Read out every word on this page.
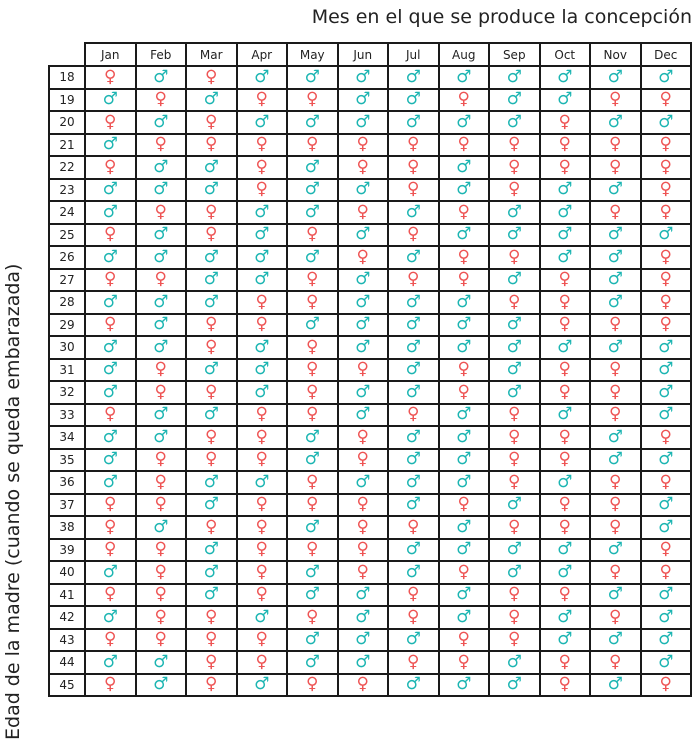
Mes en el que se produce la concepción
Edad de la madre (cuando se queda embarazada)
	Jan	Feb	Mar	Apr	May	Jun	Jul	Aug	Sep	Oct	Nov	Dec
18	♀	♂	♀	♂	♂	♂	♂	♂	♂	♂	♂	♂
19	♂	♀	♂	♀	♀	♂	♂	♀	♂	♂	♀	♀
20	♀	♂	♀	♂	♂	♂	♂	♂	♂	♀	♂	♂
21	♂	♀	♀	♀	♀	♀	♀	♀	♀	♀	♀	♀
22	♀	♂	♂	♀	♂	♀	♀	♂	♀	♀	♀	♀
23	♂	♂	♂	♀	♂	♂	♀	♂	♀	♂	♂	♀
24	♂	♀	♀	♂	♂	♀	♂	♀	♂	♂	♀	♀
25	♀	♂	♀	♂	♀	♂	♀	♂	♂	♂	♂	♂
26	♂	♂	♂	♂	♂	♀	♂	♀	♀	♂	♂	♀
27	♀	♀	♂	♂	♀	♂	♀	♀	♂	♀	♂	♀
28	♂	♂	♂	♀	♀	♂	♂	♂	♀	♀	♂	♀
29	♀	♂	♀	♀	♂	♂	♂	♂	♂	♀	♀	♀
30	♂	♂	♀	♂	♀	♂	♂	♂	♂	♂	♂	♂
31	♂	♀	♂	♂	♀	♀	♂	♀	♂	♀	♀	♂
32	♂	♀	♀	♂	♀	♂	♂	♀	♂	♀	♀	♂
33	♀	♂	♂	♀	♀	♂	♀	♂	♀	♂	♀	♂
34	♂	♂	♀	♀	♂	♀	♂	♂	♀	♀	♂	♀
35	♂	♀	♀	♀	♂	♀	♂	♂	♀	♀	♂	♂
36	♂	♀	♂	♂	♀	♂	♂	♂	♀	♂	♀	♀
37	♀	♀	♂	♀	♀	♀	♂	♀	♂	♀	♀	♂
38	♀	♂	♀	♀	♂	♀	♀	♂	♀	♀	♀	♂
39	♀	♀	♂	♀	♀	♀	♂	♂	♂	♂	♂	♀
40	♂	♀	♂	♀	♂	♀	♂	♀	♂	♂	♀	♀
41	♀	♀	♂	♀	♂	♂	♀	♂	♀	♀	♂	♂
42	♂	♀	♀	♂	♀	♂	♀	♂	♀	♂	♀	♂
43	♀	♀	♀	♀	♂	♂	♂	♀	♀	♂	♂	♂
44	♂	♂	♀	♀	♂	♂	♀	♀	♂	♀	♀	♂
45	♀	♂	♀	♂	♀	♀	♂	♂	♂	♀	♂	♀
